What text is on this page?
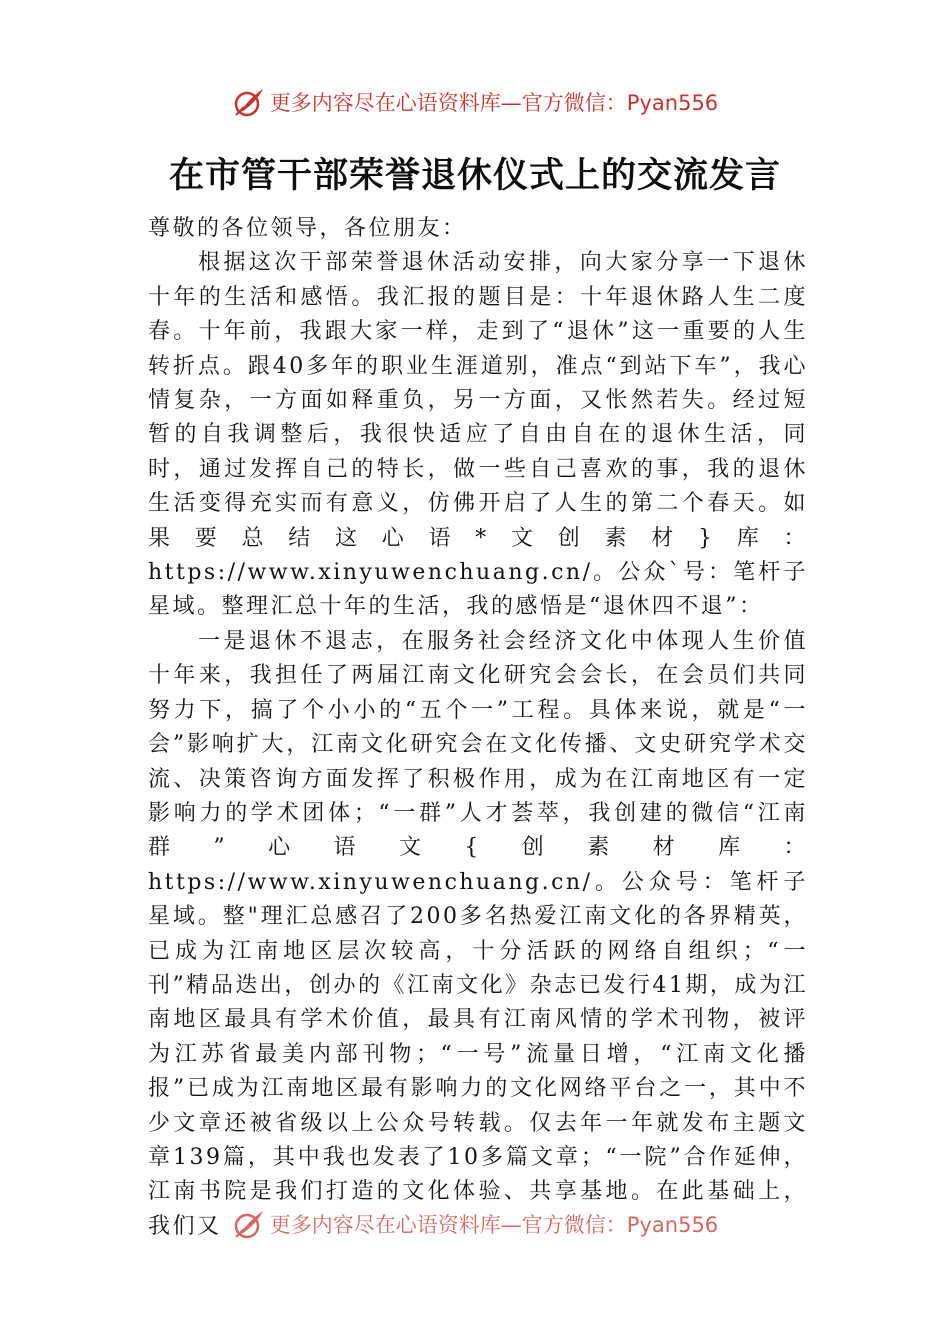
更多内容尽在心语资料库—官方微信：Pyan556
在市管干部荣誉退休仪式上的交流发言

尊敬的各位领导，各位朋友：

根据这次干部荣誉退休活动安排，向大家分享一下退休十年的生活和感悟。我汇报的题目是：十年退休路人生二度春。十年前，我跟大家一样，走到了“退休”这一重要的人生转折点。跟40多年的职业生涯道别，准点“到站下车”，我心情复杂，一方面如释重负，另一方面，又怅然若失。经过短暂的自我调整后，我很快适应了自由自在的退休生活，同时，通过发挥自己的特长，做一些自己喜欢的事，我的退休生活变得充实而有意义，仿佛开启了人生的第二个春天。如果要总结这心语*文创素材}库：https://www.xinyuwenchuang.cn/。公众`号：笔杆子星域。整理汇总十年的生活，我的感悟是“退休四不退”：

一是退休不退志，在服务社会经济文化中体现人生价值十年来，我担任了两届江南文化研究会会长，在会员们共同努力下，搞了个小小的“五个一”工程。具体来说，就是“一会”影响扩大，江南文化研究会在文化传播、文史研究学术交流、决策咨询方面发挥了积极作用，成为在江南地区有一定影响力的学术团体；“一群”人才荟萃，我创建的微信“江南群”心语文{创素材库：https://www.xinyuwenchuang.cn/。公众号：笔杆子星域。整"理汇总感召了200多名热爱江南文化的各界精英，已成为江南地区层次较高，十分活跃的网络自组织；“一刊”精品迭出，创办的《江南文化》杂志已发行41期，成为江南地区最具有学术价值，最具有江南风情的学术刊物，被评为江苏省最美内部刊物；“一号”流量日增，“江南文化播报”已成为江南地区最有影响力的文化网络平台之一，其中不少文章还被省级以上公众号转载。仅去年一年就发布主题文章139篇，其中我也发表了10多篇文章；“一院”合作延伸，江南书院是我们打造的文化体验、共享基地。在此基础上，我们又	更多内容尽在心语资料库—官方微信：Pyan556
